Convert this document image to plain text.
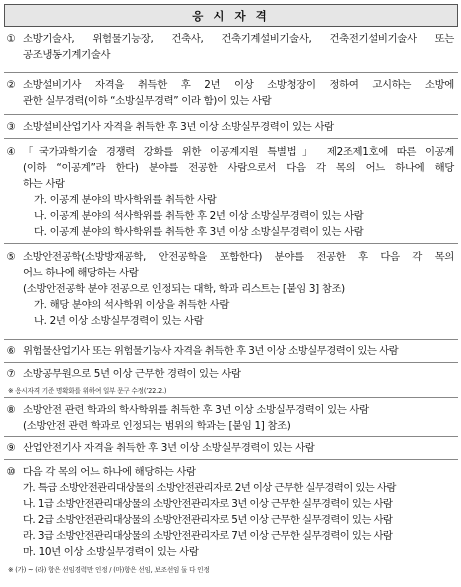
응 시 자 격
① 소방기술사, 위험물기능장, 건축사, 건축기계설비기술사, 건축전기설비기술사 또는
공조냉동기계기술사
② 소방설비기사 자격을 취득한 후 2년 이상 소방청장이 정하여 고시하는 소방에
관한 실무경력(이하 “소방실무경력” 이라 함)이 있는 사람
③ 소방설비산업기사 자격을 취득한 후 3년 이상 소방실무경력이 있는 사람
④ 「국가과학기술 경쟁력 강화를 위한 이공계지원 특별법」 제2조제1호에 따른 이공계
(이하 “이공계”라 한다) 분야를 전공한 사람으로서 다음 각 목의 어느 하나에 해당
하는 사람
가. 이공계 분야의 박사학위를 취득한 사람
나. 이공계 분야의 석사학위를 취득한 후 2년 이상 소방실무경력이 있는 사람
다. 이공계 분야의 학사학위를 취득한 후 3년 이상 소방실무경력이 있는 사람
⑤ 소방안전공학(소방방재공학, 안전공학을 포함한다) 분야를 전공한 후 다음 각 목의
어느 하나에 해당하는 사람
(소방안전공학 분야 전공으로 인정되는 대학, 학과 리스트는 [붙임 3] 참조)
가. 해당 분야의 석사학위 이상을 취득한 사람
나. 2년 이상 소방실무경력이 있는 사람
⑥ 위험물산업기사 또는 위험물기능사 자격을 취득한 후 3년 이상 소방실무경력이 있는 사람
⑦ 소방공무원으로 5년 이상 근무한 경력이 있는 사람
※ 응시자격 기준 명확화를 위하여 일부 문구 수정(’22.2.)
⑧ 소방안전 관련 학과의 학사학위를 취득한 후 3년 이상 소방실무경력이 있는 사람
(소방안전 관련 학과로 인정되는 범위의 학과는 [붙임 1] 참조)
⑨ 산업안전기사 자격을 취득한 후 3년 이상 소방실무경력이 있는 사람
⑩ 다음 각 목의 어느 하나에 해당하는 사람
가. 특급 소방안전관리대상물의 소방안전관리자로 2년 이상 근무한 실무경력이 있는 사람
나. 1급 소방안전관리대상물의 소방안전관리자로 3년 이상 근무한 실무경력이 있는 사람
다. 2급 소방안전관리대상물의 소방안전관리자로 5년 이상 근무한 실무경력이 있는 사람
라. 3급 소방안전관리대상물의 소방안전관리자로 7년 이상 근무한 실무경력이 있는 사람
마. 10년 이상 소방실무경력이 있는 사람
※ (가) ~ (라) 항은 선임경력만 인정 / (마)항은 선임, 보조선임 둘 다 인정
